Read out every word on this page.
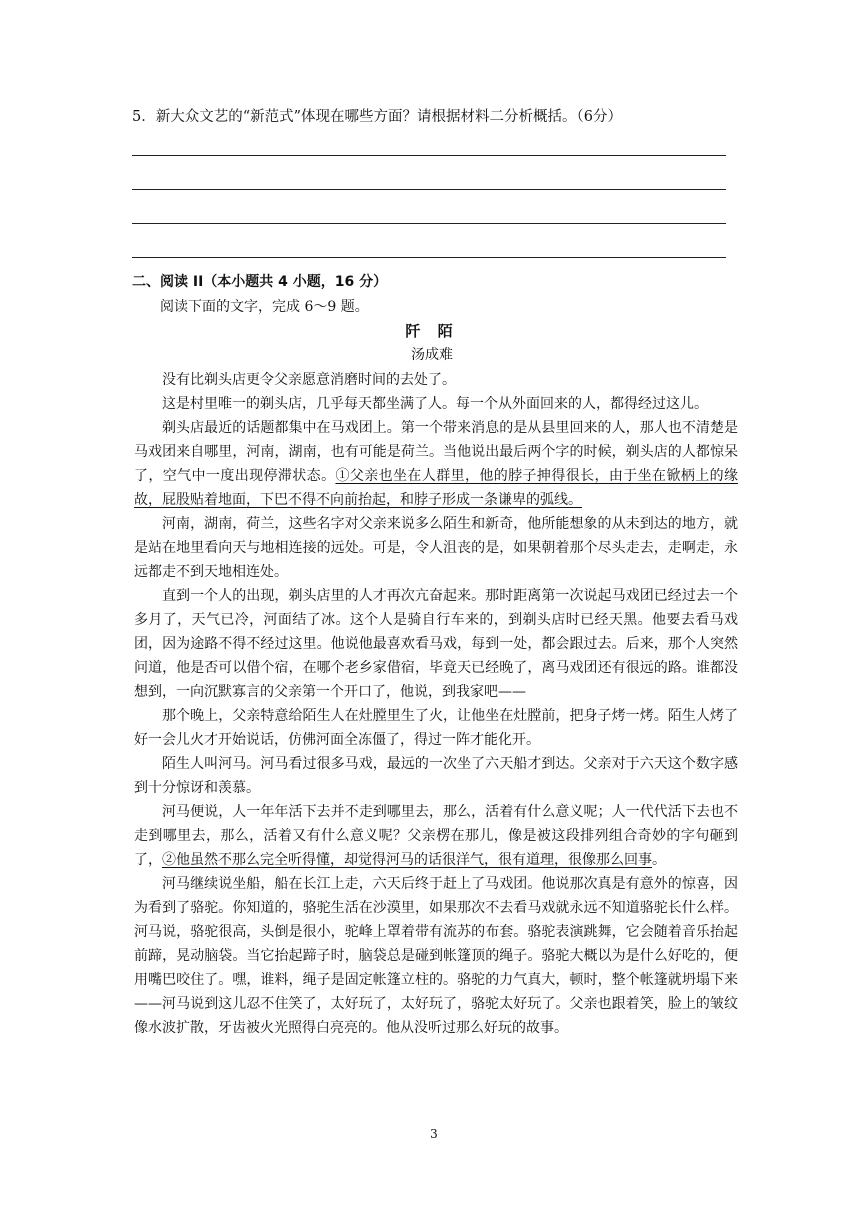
5．新大众文艺的“新范式”体现在哪些方面？请根据材料二分析概括。（6分）
二、阅读 II（本小题共 4 小题，16 分）
阅读下面的文字，完成 6～9 题。
阡 陌
汤成难

没有比剃头店更令父亲愿意消磨时间的去处了。

这是村里唯一的剃头店，几乎每天都坐满了人。每一个从外面回来的人，都得经过这儿。

剃头店最近的话题都集中在马戏团上。第一个带来消息的是从县里回来的人，那人也不清楚是马戏团来自哪里，河南，湖南，也有可能是荷兰。当他说出最后两个字的时候，剃头店的人都惊呆了，空气中一度出现停滞状态。①父亲也坐在人群里，他的脖子抻得很长，由于坐在锨柄上的缘故，屁股贴着地面，下巴不得不向前抬起，和脖子形成一条谦卑的弧线。

河南，湖南，荷兰，这些名字对父亲来说多么陌生和新奇，他所能想象的从未到达的地方，就是站在地里看向天与地相连接的远处。可是，令人沮丧的是，如果朝着那个尽头走去，走啊走，永远都走不到天地相连处。

直到一个人的出现，剃头店里的人才再次亢奋起来。那时距离第一次说起马戏团已经过去一个多月了，天气已冷，河面结了冰。这个人是骑自行车来的，到剃头店时已经天黑。他要去看马戏团，因为途路不得不经过这里。他说他最喜欢看马戏，每到一处，都会跟过去。后来，那个人突然问道，他是否可以借个宿，在哪个老乡家借宿，毕竟天已经晚了，离马戏团还有很远的路。谁都没想到，一向沉默寡言的父亲第一个开口了，他说，到我家吧——

那个晚上，父亲特意给陌生人在灶膛里生了火，让他坐在灶膛前，把身子烤一烤。陌生人烤了好一会儿火才开始说话，仿佛河面全冻僵了，得过一阵才能化开。

陌生人叫河马。河马看过很多马戏，最远的一次坐了六天船才到达。父亲对于六天这个数字感到十分惊讶和羡慕。

河马便说，人一年年活下去并不走到哪里去，那么，活着有什么意义呢；人一代代活下去也不走到哪里去，那么，活着又有什么意义呢？父亲楞在那儿，像是被这段排列组合奇妙的字句砸到了，②他虽然不那么完全听得懂，却觉得河马的话很洋气，很有道理，很像那么回事。

河马继续说坐船，船在长江上走，六天后终于赶上了马戏团。他说那次真是有意外的惊喜，因为看到了骆驼。你知道的，骆驼生活在沙漠里，如果那次不去看马戏就永远不知道骆驼长什么样。河马说，骆驼很高，头倒是很小，驼峰上罩着带有流苏的布套。骆驼表演跳舞，它会随着音乐抬起前蹄，晃动脑袋。当它抬起蹄子时，脑袋总是碰到帐篷顶的绳子。骆驼大概以为是什么好吃的，便用嘴巴咬住了。嘿，谁料，绳子是固定帐篷立柱的。骆驼的力气真大，顿时，整个帐篷就坍塌下来——河马说到这儿忍不住笑了，太好玩了，太好玩了，骆驼太好玩了。父亲也跟着笑，脸上的皱纹像水波扩散，牙齿被火光照得白亮亮的。他从没听过那么好玩的故事。

3
